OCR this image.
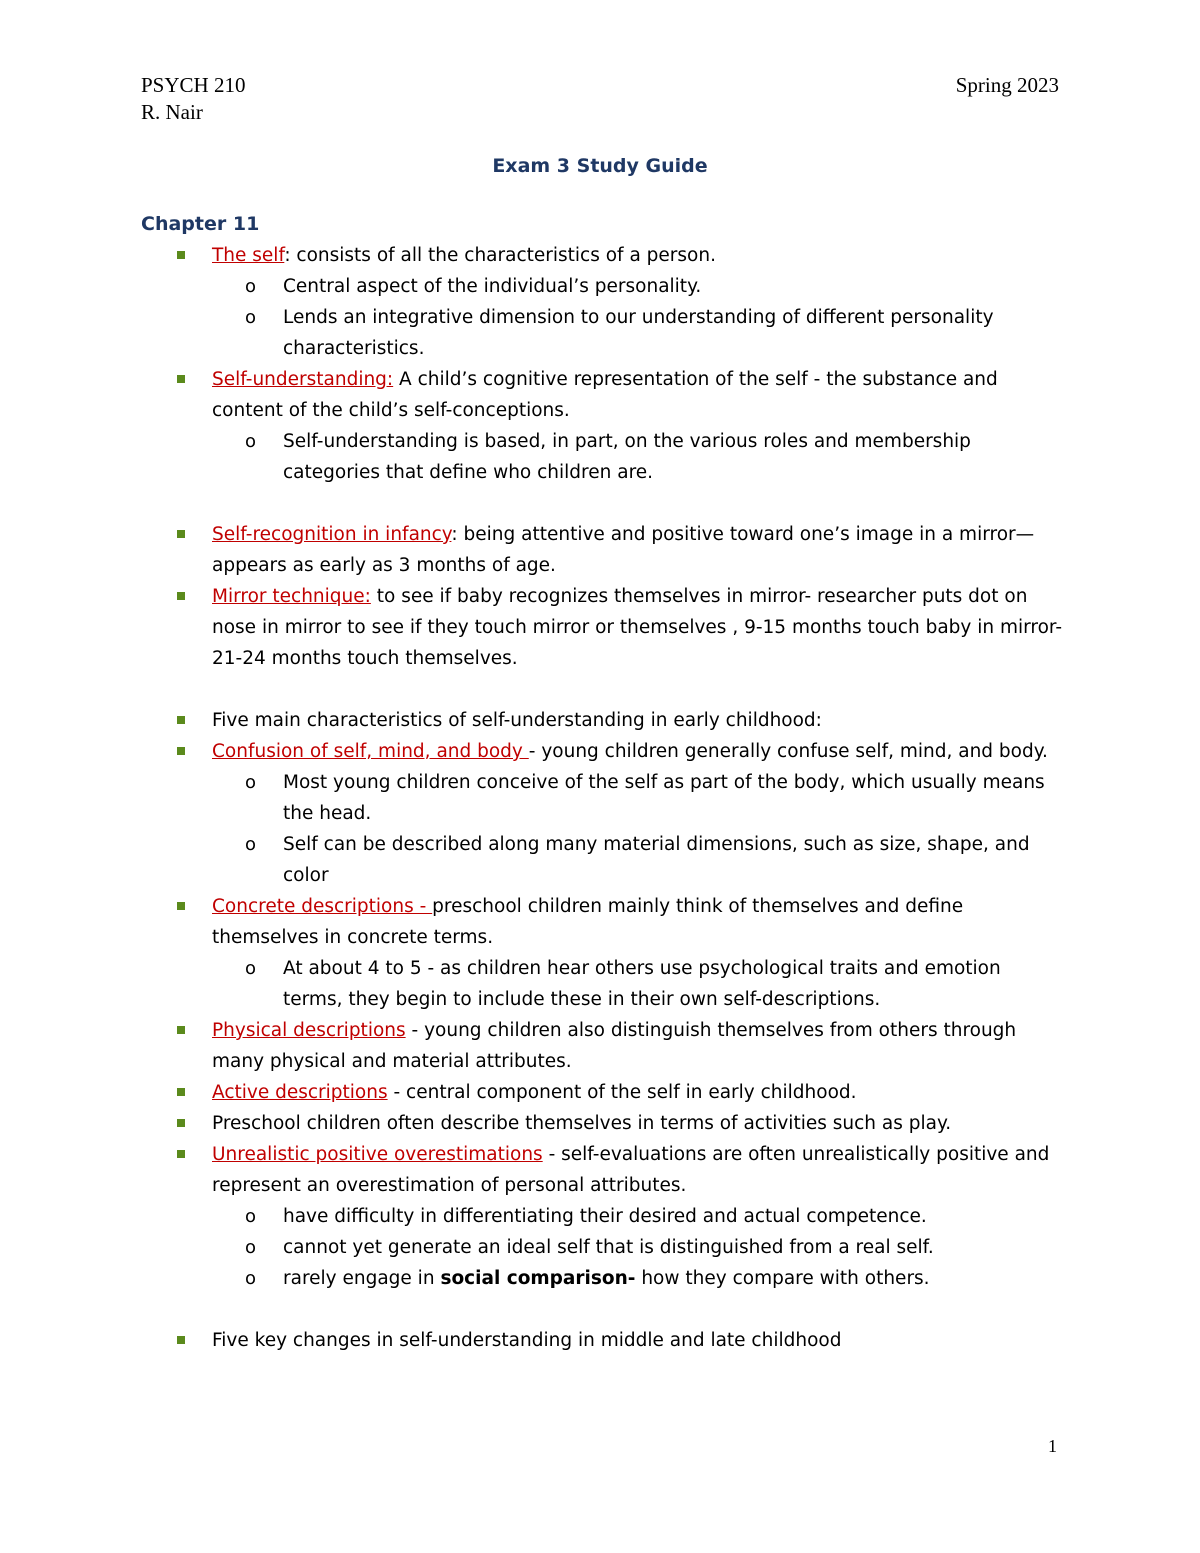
PSYCH 210	Spring 2023
R. Nair
Exam 3 Study Guide
Chapter 11
The self: consists of all the characteristics of a person.
o Central aspect of the individual’s personality.
o Lends an integrative dimension to our understanding of different personality characteristics.
Self-understanding: A child’s cognitive representation of the self - the substance and content of the child’s self-conceptions.
o Self-understanding is based, in part, on the various roles and membership categories that define who children are.
Self-recognition in infancy: being attentive and positive toward one’s image in a mirror—appears as early as 3 months of age.
Mirror technique: to see if baby recognizes themselves in mirror- researcher puts dot on nose in mirror to see if they touch mirror or themselves , 9-15 months touch baby in mirror- 21-24 months touch themselves.
Five main characteristics of self-understanding in early childhood:
Confusion of self, mind, and body - young children generally confuse self, mind, and body.
o Most young children conceive of the self as part of the body, which usually means the head.
o Self can be described along many material dimensions, such as size, shape, and color
Concrete descriptions - preschool children mainly think of themselves and define themselves in concrete terms.
o At about 4 to 5 - as children hear others use psychological traits and emotion terms, they begin to include these in their own self-descriptions.
Physical descriptions - young children also distinguish themselves from others through many physical and material attributes.
Active descriptions - central component of the self in early childhood.
Preschool children often describe themselves in terms of activities such as play.
Unrealistic positive overestimations - self-evaluations are often unrealistically positive and represent an overestimation of personal attributes.
o have difficulty in differentiating their desired and actual competence.
o cannot yet generate an ideal self that is distinguished from a real self.
o rarely engage in social comparison- how they compare with others.
Five key changes in self-understanding in middle and late childhood
1
